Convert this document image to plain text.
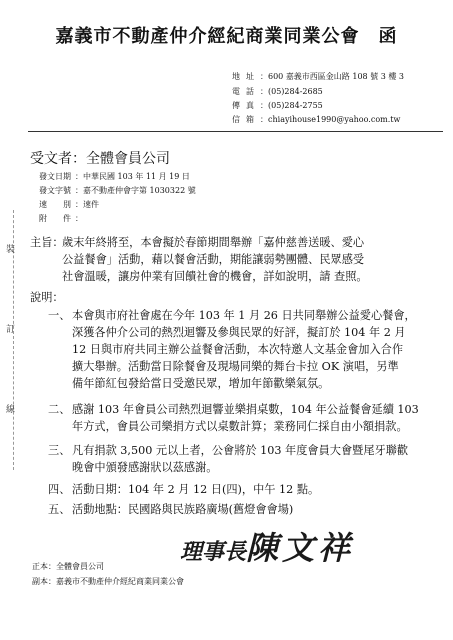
嘉義市不動產仲介經紀商業同業公會　函
地址：600 嘉義市西區金山路 108 號 3 樓 3
電話：(05)284-2685
傳真：(05)284-2755
信箱：chiayihouse1990@yahoo.com.tw
受文者：全體會員公司
發文日期 ：中華民國 103 年 11 月 19 日
發文字號 ：嘉不動產仲會字第 1030322 號
速　　別 ：速件
附　　件 ：
裝
訂
線
主旨：
歲末年終將至，本會擬於春節期間舉辦「嘉仲慈善送暖、愛心
公益餐會」活動，藉以餐會活動，期能讓弱勢團體、民眾感受
社會溫暖，讓房仲業有回饋社會的機會，詳如說明，請 查照。
說明：
一、 本會與市府社會處在今年 103 年 1 月 26 日共同舉辦公益愛心餐會，
深獲各仲介公司的熱烈迴響及參與民眾的好評，擬訂於 104 年 2 月
12 日與市府共同主辦公益餐會活動，本次特邀人文基金會加入合作
擴大舉辦。活動當日除餐會及現場同樂的舞台卡拉 OK 演唱，另準
備年節紅包發給當日受邀民眾，增加年節歡樂氣氛。
二、 感謝 103 年會員公司熱烈迴響並樂捐桌數，104 年公益餐會延續 103
年方式，會員公司樂捐方式以桌數計算；業務同仁採自由小額捐款。
三、 凡有捐款 3,500 元以上者，公會將於 103 年度會員大會暨尾牙聯歡
晚會中頒發感謝狀以茲感謝。
四、 活動日期：104 年 2 月 12 日(四)，中午 12 點。
五、 活動地點：民國路與民族路廣場(舊燈會會場)
理事長陳文祥
正本：全體會員公司
副本：嘉義市不動產仲介經紀商業同業公會
